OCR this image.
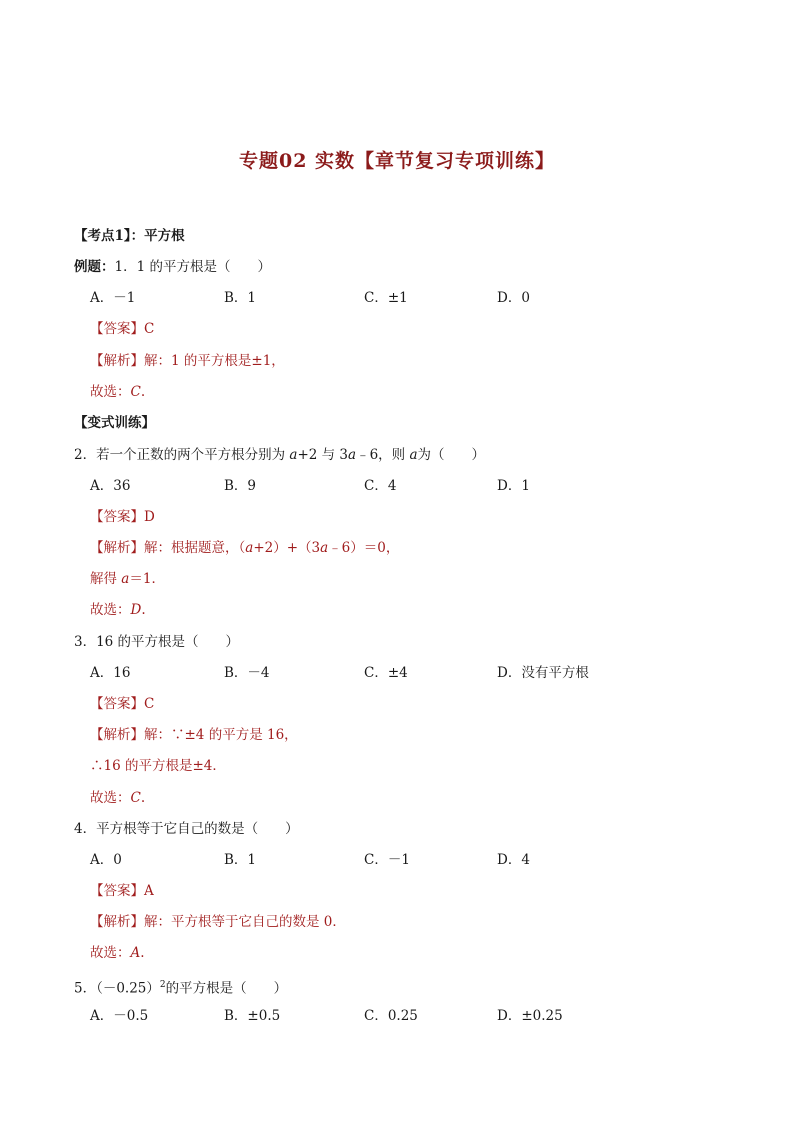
专题02 实数【章节复习专项训练】
【考点1】：平方根
例题：1．1 的平方根是（　　）
A．－1	B．1	C．±1	D．0
【答案】C
【解析】解：1 的平方根是±1，
故选：C.
【变式训练】
2．若一个正数的两个平方根分别为 a+2 与 3a﹣6，则 a为（　　）
A．36	B．9	C．4	D．1
【答案】D
【解析】解：根据题意，（a+2）+（3a﹣6）＝0，
解得 a＝1．
故选：D.
3．16 的平方根是（　　）
A．16	B．－4	C．±4	D．没有平方根
【答案】C
【解析】解：∵±4 的平方是 16，
∴16 的平方根是±4．
故选：C.
4．平方根等于它自己的数是（　　）
A．0	B．1	C．－1	D．4
【答案】A
【解析】解：平方根等于它自己的数是 0．
故选：A.
5．$(-0.25)^2$的平方根是（　　）
A．－0.5	B．±0.5	C．0.25	D．±0.25
